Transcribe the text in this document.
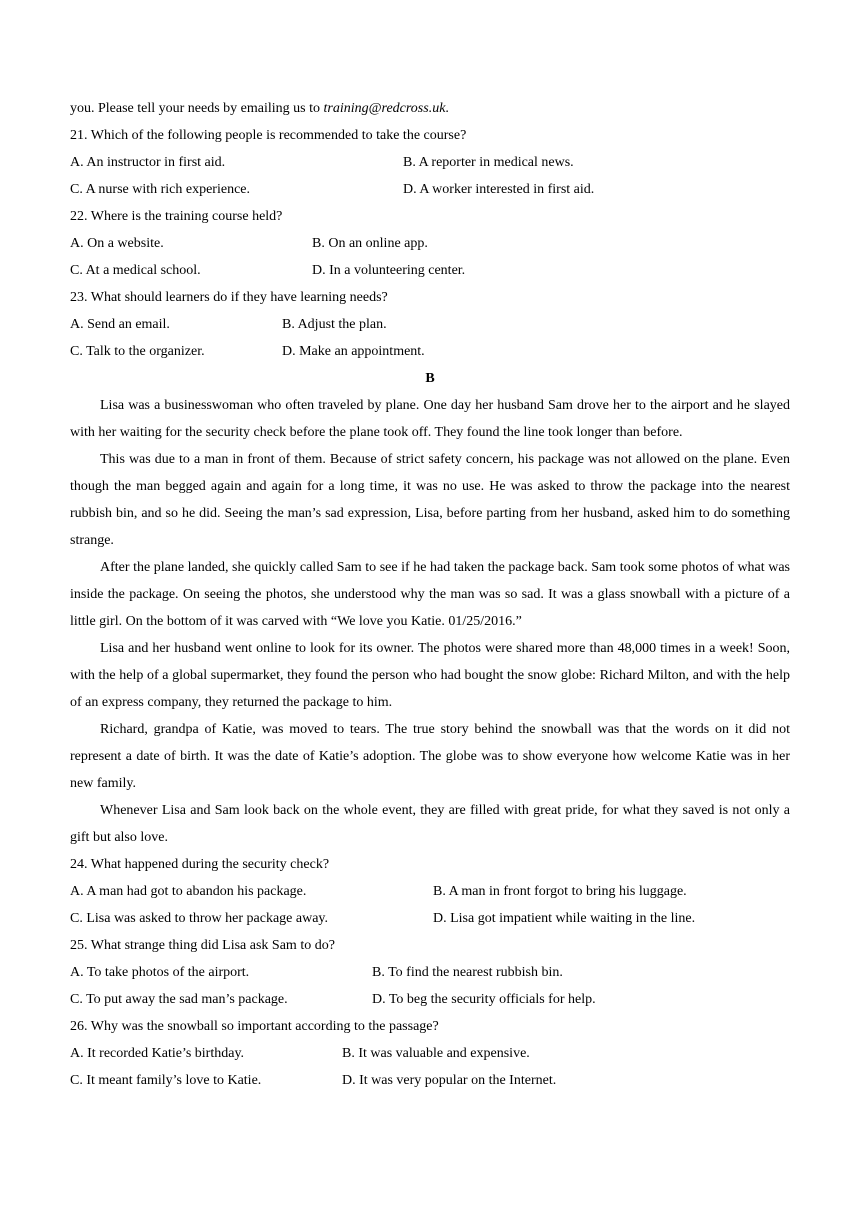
you. Please tell your needs by emailing us to training@redcross.uk.
21. Which of the following people is recommended to take the course?
A. An instructor in first aid.	B. A reporter in medical news.
C. A nurse with rich experience.	D. A worker interested in first aid.
22. Where is the training course held?
A. On a website.	B. On an online app.
C. At a medical school.	D. In a volunteering center.
23. What should learners do if they have learning needs?
A. Send an email.	B. Adjust the plan.
C. Talk to the organizer.	D. Make an appointment.
B

Lisa was a businesswoman who often traveled by plane. One day her husband Sam drove her to the airport and he slayed with her waiting for the security check before the plane took off. They found the line took longer than before.

This was due to a man in front of them. Because of strict safety concern, his package was not allowed on the plane. Even though the man begged again and again for a long time, it was no use. He was asked to throw the package into the nearest rubbish bin, and so he did. Seeing the man’s sad expression, Lisa, before parting from her husband, asked him to do something strange.

After the plane landed, she quickly called Sam to see if he had taken the package back. Sam took some photos of what was inside the package. On seeing the photos, she understood why the man was so sad. It was a glass snowball with a picture of a little girl. On the bottom of it was carved with “We love you Katie. 01/25/2016.”

Lisa and her husband went online to look for its owner. The photos were shared more than 48,000 times in a week! Soon, with the help of a global supermarket, they found the person who had bought the snow globe: Richard Milton, and with the help of an express company, they returned the package to him.

Richard, grandpa of Katie, was moved to tears. The true story behind the snowball was that the words on it did not represent a date of birth. It was the date of Katie’s adoption. The globe was to show everyone how welcome Katie was in her new family.

Whenever Lisa and Sam look back on the whole event, they are filled with great pride, for what they saved is not only a gift but also love.

24. What happened during the security check?
A. A man had got to abandon his package.	B. A man in front forgot to bring his luggage.
C. Lisa was asked to throw her package away.	D. Lisa got impatient while waiting in the line.
25. What strange thing did Lisa ask Sam to do?
A. To take photos of the airport.	B. To find the nearest rubbish bin.
C. To put away the sad man’s package.	D. To beg the security officials for help.
26. Why was the snowball so important according to the passage?
A. It recorded Katie’s birthday.	B. It was valuable and expensive.
C. It meant family’s love to Katie.	D. It was very popular on the Internet.
